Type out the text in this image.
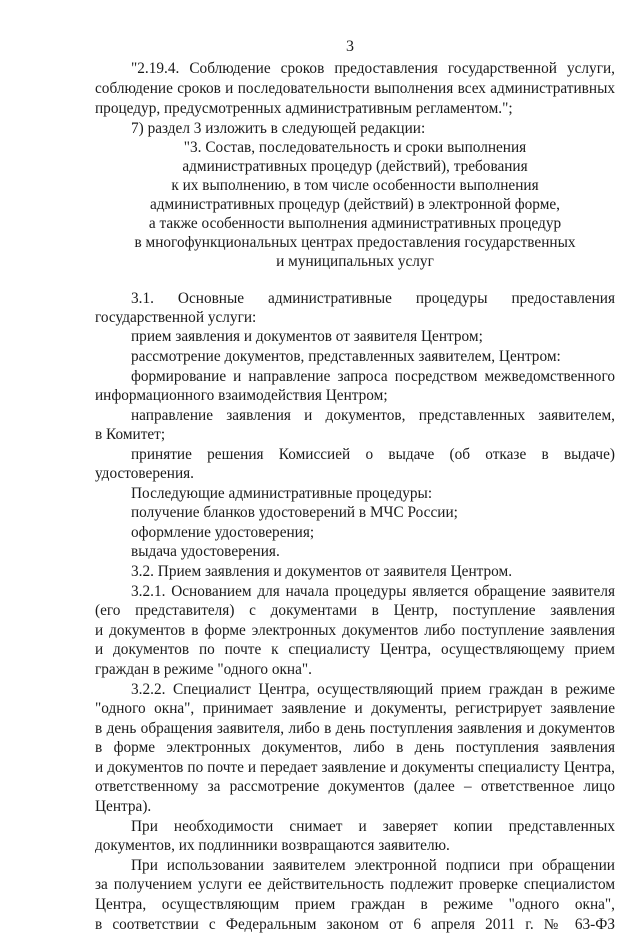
3
"2.19.4. Соблюдение сроков предоставления государственной услуги,
соблюдение сроков и последовательности выполнения всех административных
процедур, предусмотренных административным регламентом.";
7) раздел 3 изложить в следующей редакции:
"3. Состав, последовательность и сроки выполнения
административных процедур (действий), требования
к их выполнению, в том числе особенности выполнения
административных процедур (действий) в электронной форме,
а также особенности выполнения административных процедур
в многофункциональных центрах предоставления государственных
и муниципальных услуг
3.1. Основные административные процедуры предоставления
государственной услуги:
прием заявления и документов от заявителя Центром;
рассмотрение документов, представленных заявителем, Центром:
формирование и направление запроса посредством межведомственного
информационного взаимодействия Центром;
направление заявления и документов, представленных заявителем,
в Комитет;
принятие решения Комиссией о выдаче (об отказе в выдаче)
удостоверения.
Последующие административные процедуры:
получение бланков удостоверений в МЧС России;
оформление удостоверения;
выдача удостоверения.
3.2. Прием заявления и документов от заявителя Центром.
3.2.1. Основанием для начала процедуры является обращение заявителя
(его представителя) с документами в Центр, поступление заявления
и документов в форме электронных документов либо поступление заявления
и документов по почте к специалисту Центра, осуществляющему прием
граждан в режиме "одного окна".
3.2.2. Специалист Центра, осуществляющий прием граждан в режиме
"одного окна", принимает заявление и документы, регистрирует заявление
в день обращения заявителя, либо в день поступления заявления и документов
в форме электронных документов, либо в день поступления заявления
и документов по почте и передает заявление и документы специалисту Центра,
ответственному за рассмотрение документов (далее – ответственное лицо
Центра).
При необходимости снимает и заверяет копии представленных
документов, их подлинники возвращаются заявителю.
При использовании заявителем электронной подписи при обращении
за получением услуги ее действительность подлежит проверке специалистом
Центра, осуществляющим прием граждан в режиме "одного окна",
в соответствии с Федеральным законом от 6 апреля 2011 г. № 63-ФЗ
